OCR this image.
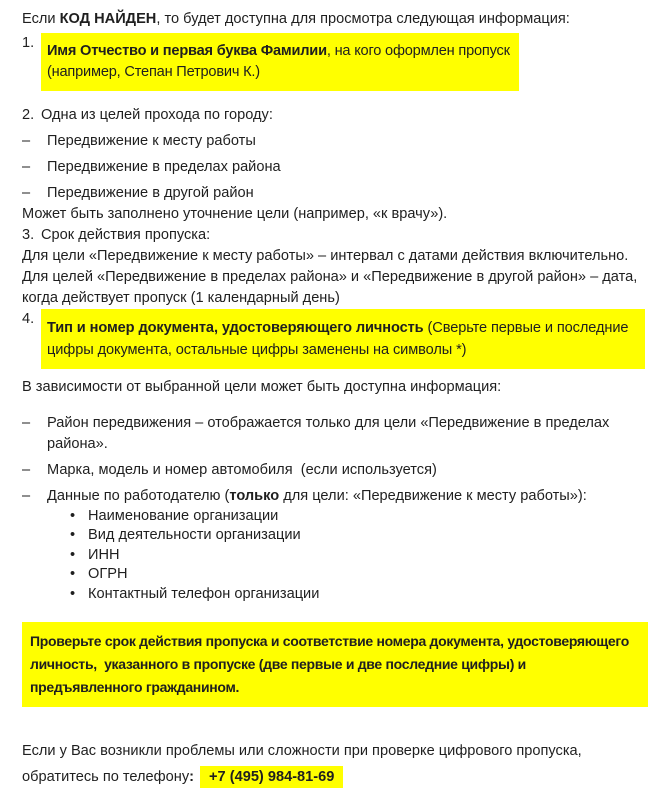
Если КОД НАЙДЕН, то будет доступна для просмотра следующая информация:

1. Имя Отчество и первая буква Фамилии, на кого оформлен пропуск
(например, Степан Петрович К.)
2. Одна из целей прохода по городу:
–	Передвижение к месту работы
–	Передвижение в пределах района
–	Передвижение в другой район

Может быть заполнено уточнение цели (например, «к врачу»).

3. Срок действия пропуска:

Для цели «Передвижение к месту работы» – интервал с датами действия включительно.

Для целей «Передвижение в пределах района» и «Передвижение в другой район» – дата,

когда действует пропуск (1 календарный день)

4.
Тип и номер документа, удостоверяющего личность (Сверьте первые и последние
цифры документа, остальные цифры заменены на символы *)

В зависимости от выбранной цели может быть доступна информация:

–	Район передвижения – отображается только для цели «Передвижение в пределах
района».
–	Марка, модель и номер автомобиля  (если используется)
–	Данные по работодателю (только для цели: «Передвижение к месту работы»):
• Наименование организации
• Вид деятельности организации
• ИНН
• ОГРН
• Контактный телефон организации
Проверьте срок действия пропуска и соответствие номера документа, удостоверяющего
личность,  указанного в пропуске (две первые и две последние цифры) и
предъявленного гражданином.
Если у Вас возникли проблемы или сложности при проверке цифрового пропуска,
обратитесь по телефону: +7 (495) 984-81-69
